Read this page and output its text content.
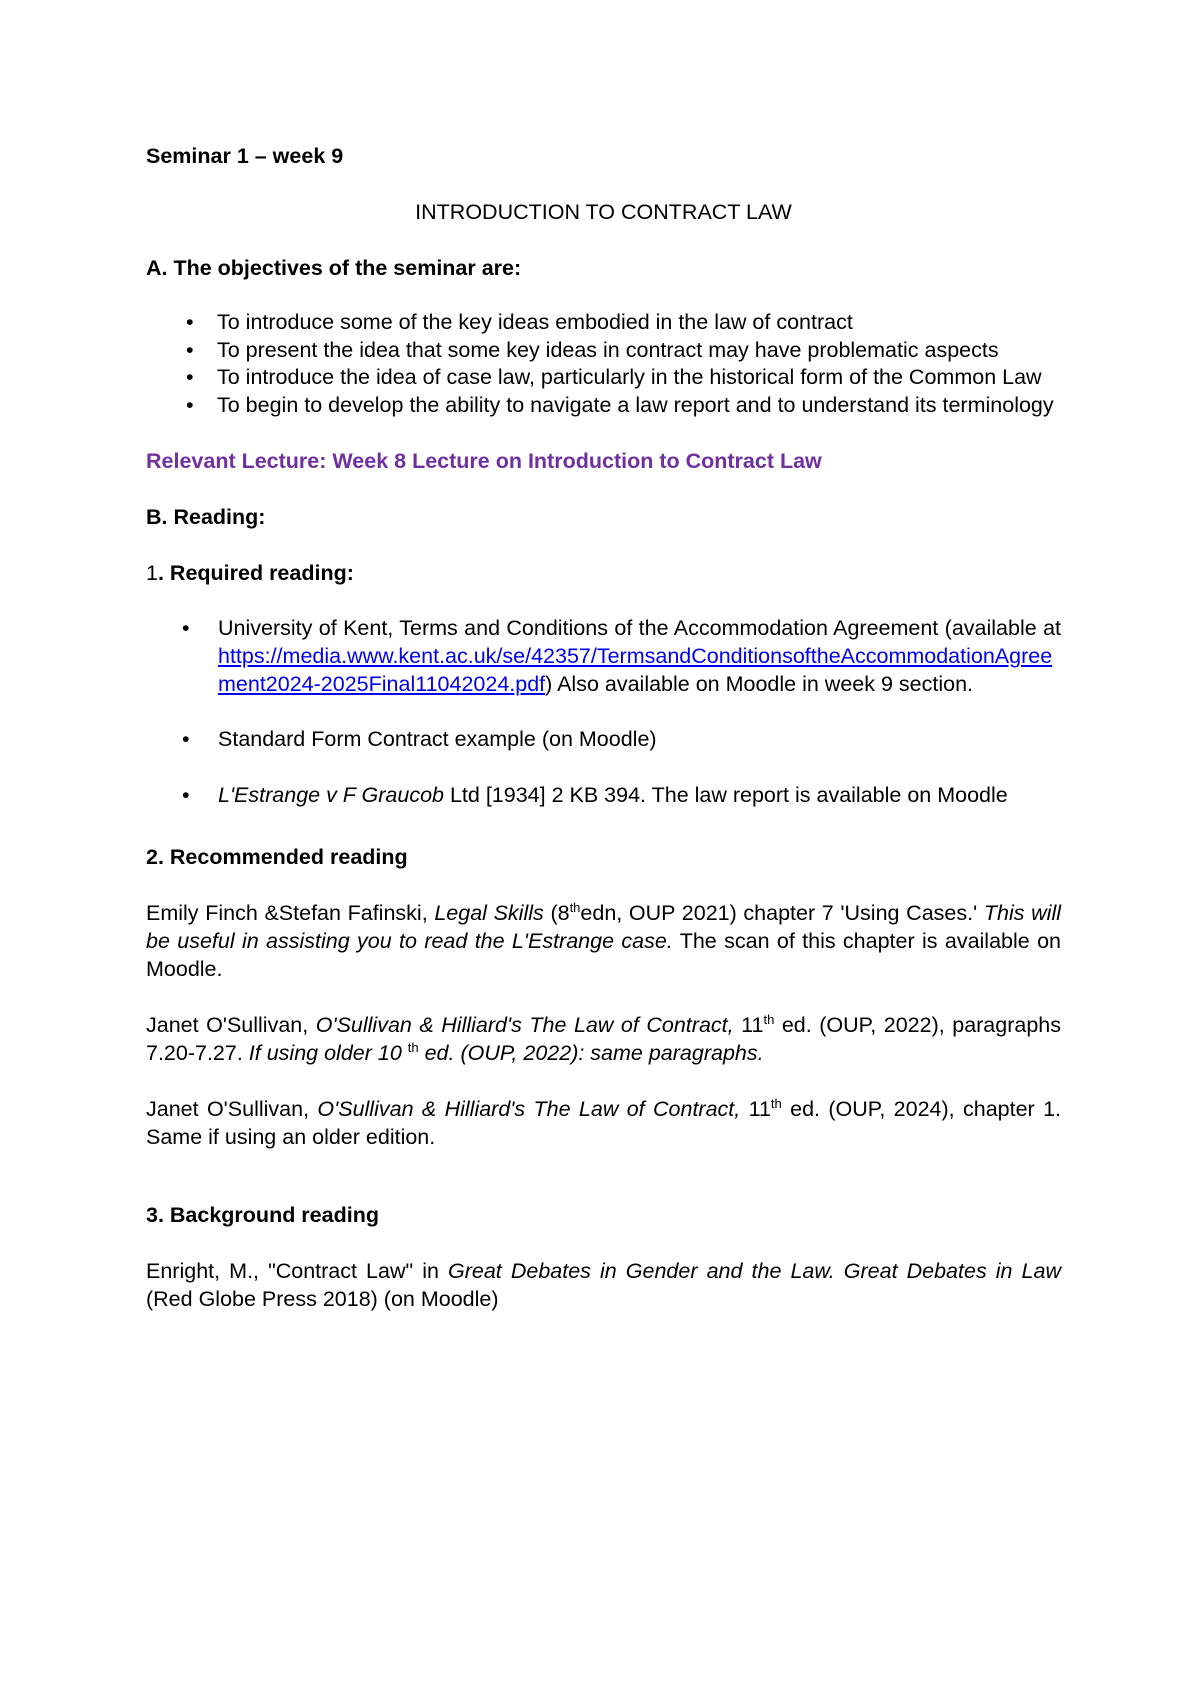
Seminar 1 – week 9

INTRODUCTION TO CONTRACT LAW

A. The objectives of the seminar are:

• To introduce some of the key ideas embodied in the law of contract
• To present the idea that some key ideas in contract may have problematic aspects
• To introduce the idea of case law, particularly in the historical form of the Common Law
• To begin to develop the ability to navigate a law report and to understand its terminology

Relevant Lecture: Week 8 Lecture on Introduction to Contract Law

B. Reading:

1. Required reading:

• University of Kent, Terms and Conditions of the Accommodation Agreement (available at https://media.www.kent.ac.uk/se/42357/TermsandConditionsoftheAccommodationAgreement2024-2025Final11042024.pdf) Also available on Moodle in week 9 section.
• Standard Form Contract example (on Moodle)
• L'Estrange v F Graucob Ltd [1934] 2 KB 394. The law report is available on Moodle

2. Recommended reading

Emily Finch &Stefan Fafinski, Legal Skills (8thedn, OUP 2021) chapter 7 'Using Cases.' This will be useful in assisting you to read the L'Estrange case. The scan of this chapter is available on Moodle.

Janet O'Sullivan, O'Sullivan & Hilliard's The Law of Contract, 11th ed. (OUP, 2022), paragraphs 7.20-7.27. If using older 10 $^{th}$ ed. (OUP, 2022): same paragraphs.

Janet O'Sullivan, O'Sullivan & Hilliard's The Law of Contract, 11th ed. (OUP, 2024), chapter 1. Same if using an older edition.

3. Background reading

Enright, M., "Contract Law" in Great Debates in Gender and the Law. Great Debates in Law (Red Globe Press 2018) (on Moodle)
